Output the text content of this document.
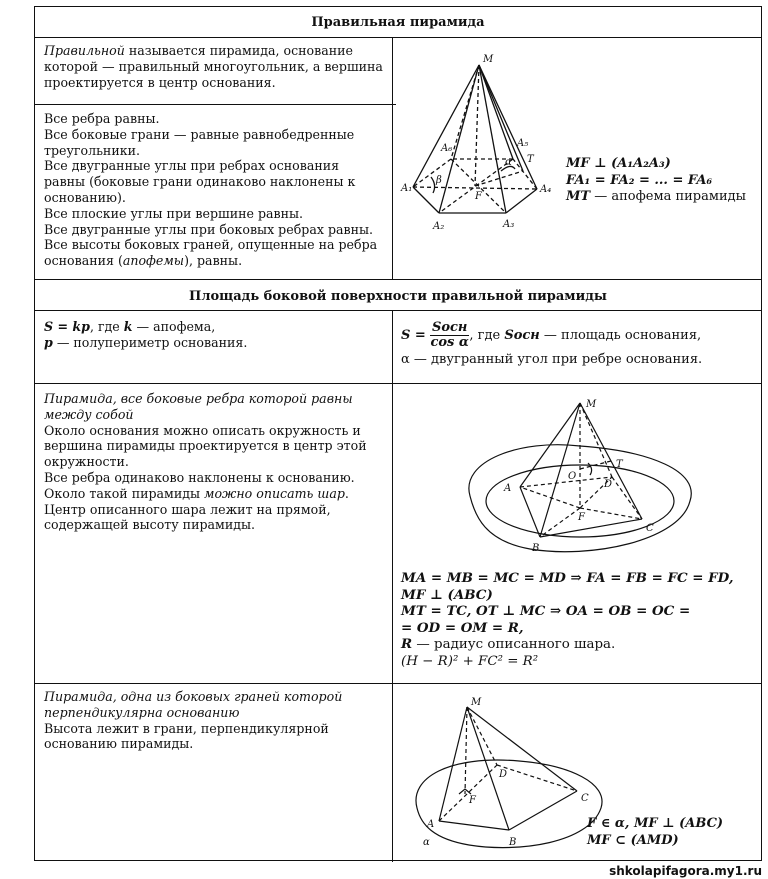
Правильная пирамида

Правильной называется пирамида, основание которой — правильный многоугольник, а вершина проектируется в центр основания.

Все ребра равны.

Все боковые грани — равные равнобедренные треугольники.

Все двугранные углы при ребрах основания равны (боковые грани одинаково наклонены к основанию).

Все плоские углы при вершине равны.

Все двугранные углы при боковых ребрах равны.

Все высоты боковых граней, опущенные на ребра основания (апофемы), равны.

M
A₁
A₂	A₃
A₄
A₅
A₆
F
T
α
β

MF ⊥ (A₁A₂A₃)

FA₁ = FA₂ = ... = FA₆

MT — апофема пирамиды

Площадь боковой поверхности правильной пирамиды

S = kp, где k — апофема,

p — полупериметр основания.	$S = \frac{\text{Sосн}}{\text{cos α}}$ , где Sосн — площадь основания,

α — двугранный угол при ребре основания.

Пирамида, все боковые ребра которой равны между собой

Около основания можно описать окружность и вершина пирамиды проектируется в центр этой окружности.

Все ребра одинаково наклонены к основанию.

Около такой пирамиды можно описать шар.

Центр описанного шара лежит на прямой, содержащей высоту пирамиды.

M
A
B
C
D
F
O
T

MA = MB = MC = MD ⇒ FA = FB = FC = FD,

MF ⊥ (ABC)

MT = TC, OT ⊥ MC ⇒ OA = OB = OC =

= OD = OM = R,

R — радиус описанного шара.

(H − R)² + FC² = R²

Пирамида, одна из боковых граней которой перпендикулярна основанию

Высота лежит в грани, перпендикулярной основанию пирамиды.

M
A
B
C
D
F
α

F ∈ α, MF ⊥ (ABC)

MF ⊂ (AMD)

shkolapifagora.my1.ru
